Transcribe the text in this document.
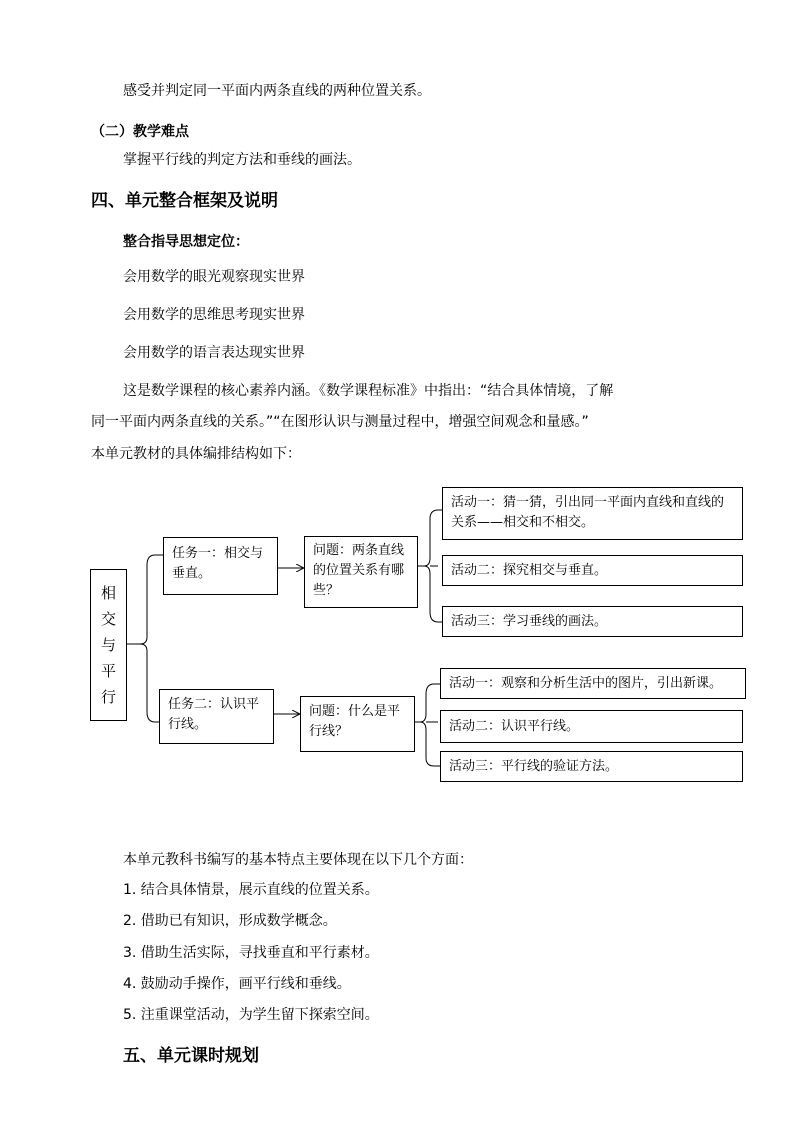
感受并判定同一平面内两条直线的两种位置关系。
（二）教学难点
掌握平行线的判定方法和垂线的画法。
四、单元整合框架及说明
整合指导思想定位：
会用数学的眼光观察现实世界
会用数学的思维思考现实世界
会用数学的语言表达现实世界
这是数学课程的核心素养内涵。《数学课程标准》中指出：“结合具体情境，了解
同一平面内两条直线的关系。”“在图形认识与测量过程中，增强空间观念和量感。”
本单元教材的具体编排结构如下：
相交与平行
任务一：相交与垂直。
问题：两条直线的位置关系有哪些？
活动一：猜一猜，引出同一平面内直线和直线的关系——相交和不相交。
活动二：探究相交与垂直。
活动三：学习垂线的画法。
任务二：认识平行线。
问题：什么是平行线？
活动一：观察和分析生活中的图片，引出新课。
活动二：认识平行线。
活动三：平行线的验证方法。
本单元教科书编写的基本特点主要体现在以下几个方面：
1. 结合具体情景，展示直线的位置关系。
2. 借助已有知识，形成数学概念。
3. 借助生活实际，寻找垂直和平行素材。
4. 鼓励动手操作，画平行线和垂线。
5. 注重课堂活动，为学生留下探索空间。
五、单元课时规划
